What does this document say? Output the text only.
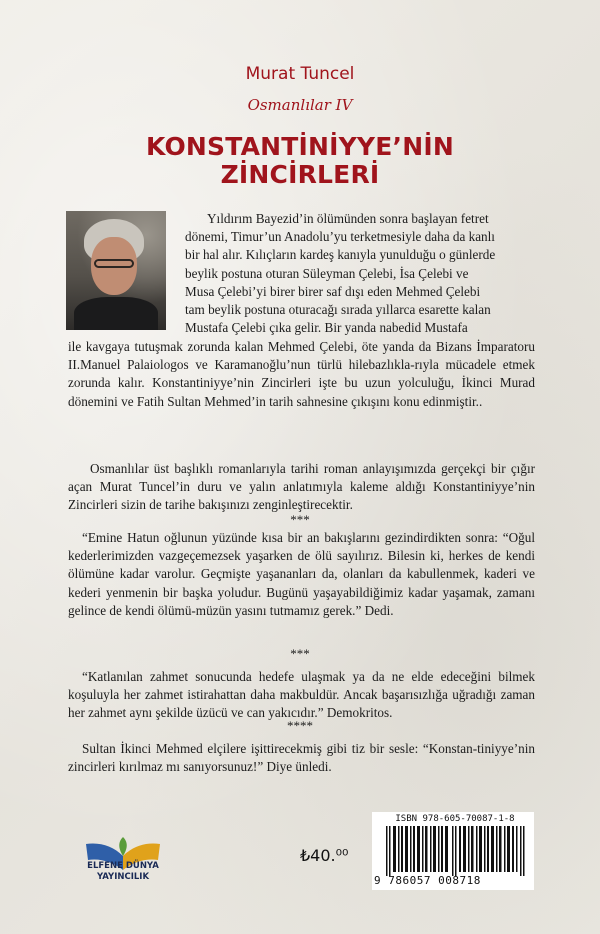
Murat Tuncel
Osmanlılar IV
KONSTANTİNİYYE’NİN
ZİNCİRLERİ

Yıldırım Bayezid’in ölümünden sonra başlayan fetret

dönemi, Timur’un Anadolu’yu terketmesiyle daha da kanlı

bir hal alır. Kılıçların kardeş kanıyla yunulduğu o günlerde

beylik postuna oturan Süleyman Çelebi, İsa Çelebi ve

Musa Çelebi’yi birer birer saf dışı eden Mehmed Çelebi

tam beylik postuna oturacağı sırada yıllarca esarette kalan

Mustafa Çelebi çıka gelir. Bir yanda nabedid Mustafa

ile kavgaya tutuşmak zorunda kalan Mehmed Çelebi, öte yanda da Bizans İmparatoru II.Manuel Palaiologos ve Karamanoğlu’nun türlü hilebazlıkla-rıyla mücadele etmek zorunda kalır. Konstantiniyye’nin Zincirleri işte bu uzun yolculuğu, İkinci Murad dönemini ve Fatih Sultan Mehmed’in tarih sahnesine çıkışını konu edinmiştir..
Osmanlılar üst başlıklı romanlarıyla tarihi roman anlayışımızda gerçekçi bir çığır açan Murat Tuncel’in duru ve yalın anlatımıyla kaleme aldığı Konstantiniyye’nin Zincirleri sizin de tarihe bakışınızı zenginleştirecektir.
***
“Emine Hatun oğlunun yüzünde kısa bir an bakışlarını gezindirdikten sonra: “Oğul kederlerimizden vazgeçemezsek yaşarken de ölü sayılırız. Bilesin ki, herkes de kendi ölümüne kadar varolur. Geçmişte yaşananları da, olanları da kabullenmek, kaderi ve kederi yenmenin bir başka yoludur. Bugünü yaşayabildiğimiz kadar yaşamak, zamanı gelince de kendi ölümü-müzün yasını tutmamız gerek.” Dedi.
***
“Katlanılan zahmet sonucunda hedefe ulaşmak ya da ne elde edeceğini bilmek koşuluyla her zahmet istirahattan daha makbuldür. Ancak başarısızlığa uğradığı zaman her zahmet aynı şekilde üzücü ve can yakıcıdır.” Demokritos.
****
Sultan İkinci Mehmed elçilere işittirecekmiş gibi tiz bir sesle: “Konstan-tiniyye’nin zincirleri kırılmaz mı sanıyorsunuz!” Diye ünledi.
ELFENE DÜNYA
YAYINCILIK
₺40.⁰⁰
ISBN 978-605-70087-1-8
9 786057 008718
